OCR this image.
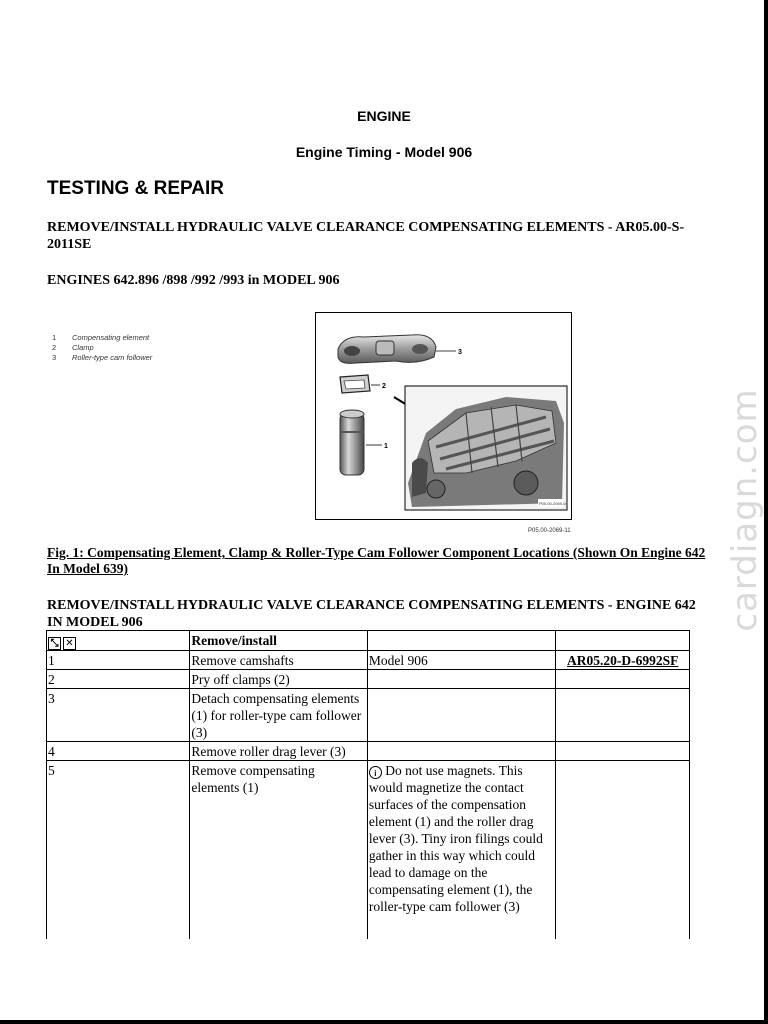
ENGINE
Engine Timing - Model 906
TESTING & REPAIR
REMOVE/INSTALL HYDRAULIC VALVE CLEARANCE COMPENSATING ELEMENTS - AR05.00-S-2011SE
ENGINES 642.896 /898 /992 /993 in MODEL 906
1 Compensating element
2 Clamp
3 Roller-type cam follower
3
2
1
P05.00-2069-04
P05.00-2069-11
Fig. 1: Compensating Element, Clamp & Roller-Type Cam Follower Component Locations (Shown On Engine 642 In Model 639)
REMOVE/INSTALL HYDRAULIC VALVE CLEARANCE COMPENSATING ELEMENTS - ENGINE 642 IN MODEL 906
⤡ ✕	Remove/install		
1	Remove camshafts	Model 906	AR05.20-D-6992SF
2	Pry off clamps (2)		
3	Detach compensating elements (1) for roller-type cam follower (3)		
4	Remove roller drag lever (3)		
5	Remove compensating elements (1)	i Do not use magnets. This would magnetize the contact surfaces of the compensation element (1) and the roller drag lever (3). Tiny iron filings could gather in this way which could lead to damage on the compensating element (1), the roller-type cam follower (3)	
cardiagn.com
